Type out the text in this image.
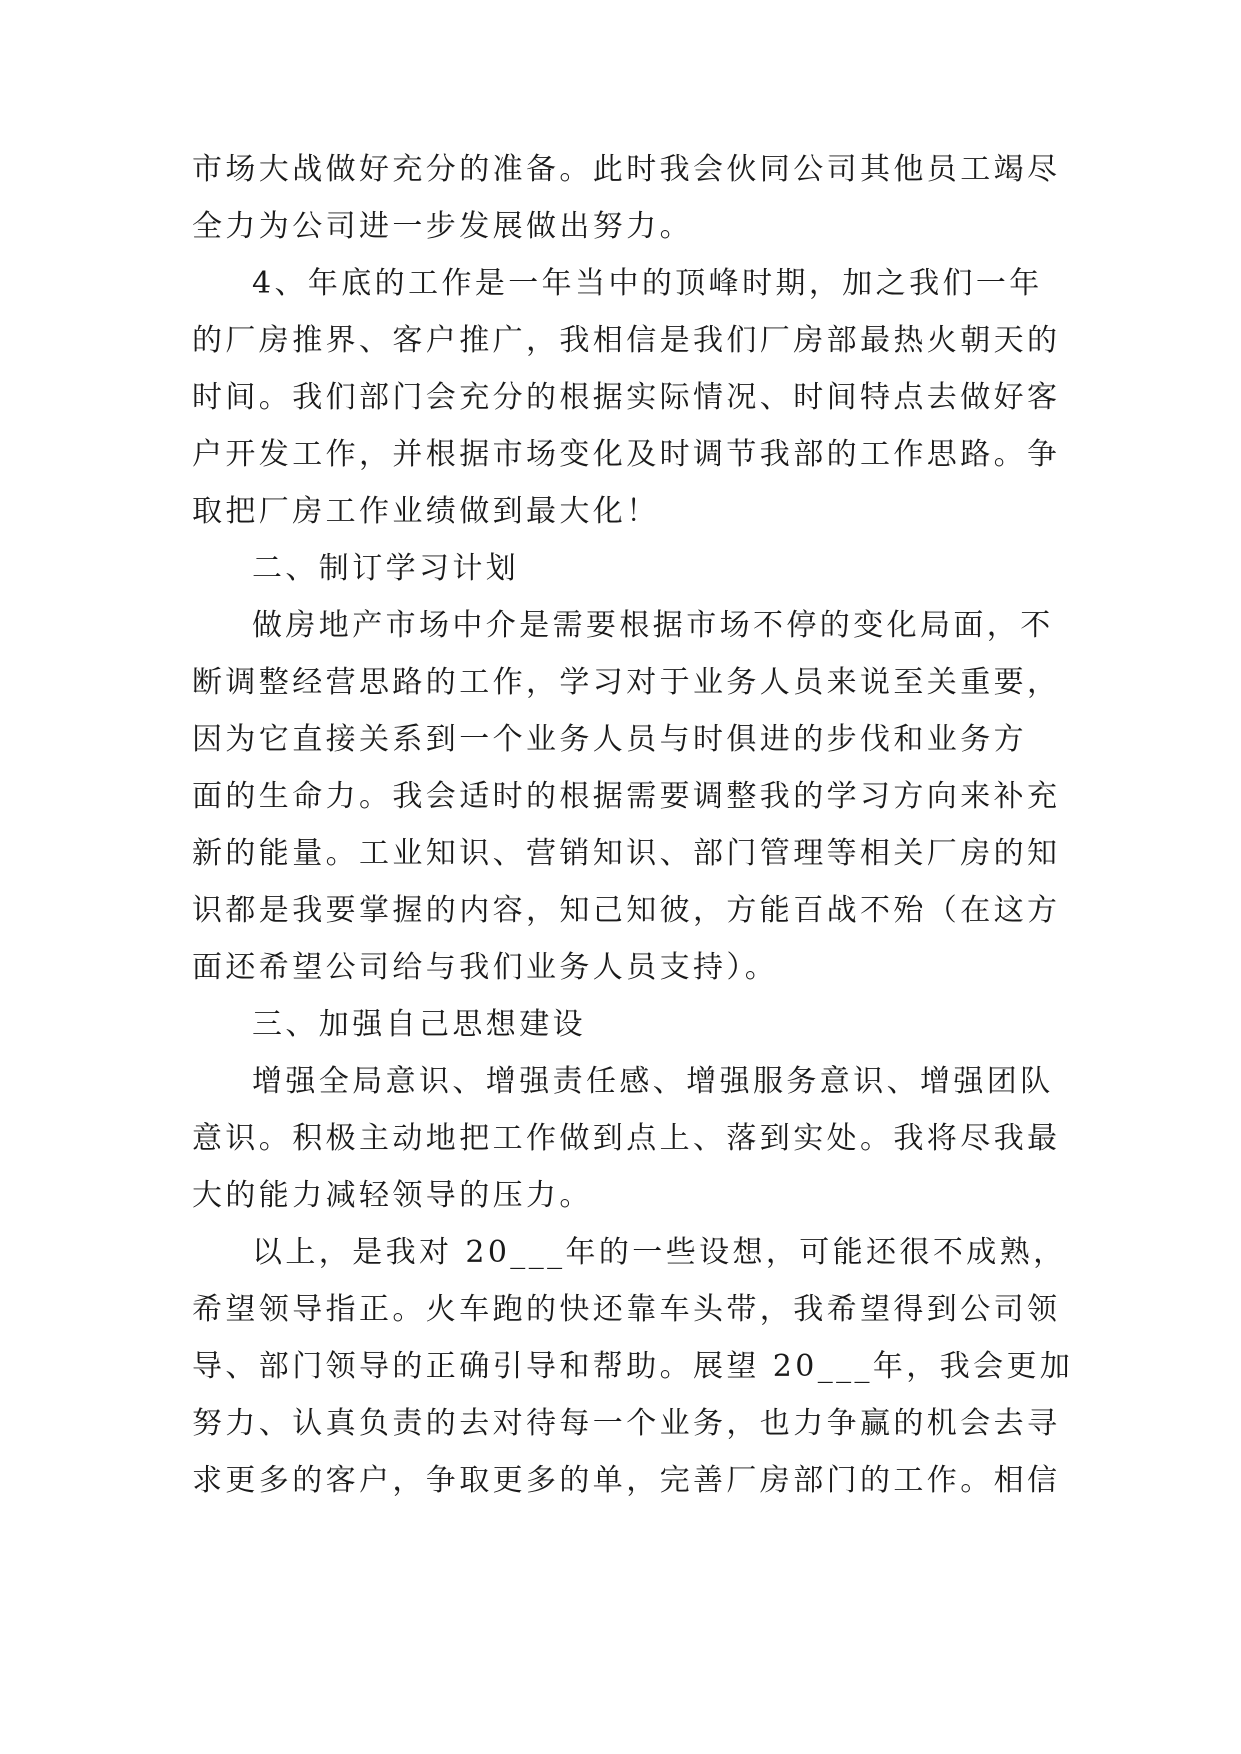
市场大战做好充分的准备。此时我会伙同公司其他员工竭尽

全力为公司进一步发展做出努力。

4、年底的工作是一年当中的顶峰时期，加之我们一年

的厂房推界、客户推广，我相信是我们厂房部最热火朝天的

时间。我们部门会充分的根据实际情况、时间特点去做好客

户开发工作，并根据市场变化及时调节我部的工作思路。争

取把厂房工作业绩做到最大化！

二、制订学习计划

做房地产市场中介是需要根据市场不停的变化局面，不

断调整经营思路的工作，学习对于业务人员来说至关重要，

因为它直接关系到一个业务人员与时俱进的步伐和业务方

面的生命力。我会适时的根据需要调整我的学习方向来补充

新的能量。工业知识、营销知识、部门管理等相关厂房的知

识都是我要掌握的内容，知己知彼，方能百战不殆（在这方

面还希望公司给与我们业务人员支持）。

三、加强自己思想建设

增强全局意识、增强责任感、增强服务意识、增强团队

意识。积极主动地把工作做到点上、落到实处。我将尽我最

大的能力减轻领导的压力。

以上，是我对 20___年的一些设想，可能还很不成熟，

希望领导指正。火车跑的快还靠车头带，我希望得到公司领

导、部门领导的正确引导和帮助。展望 20___年，我会更加

努力、认真负责的去对待每一个业务，也力争赢的机会去寻

求更多的客户，争取更多的单，完善厂房部门的工作。相信
